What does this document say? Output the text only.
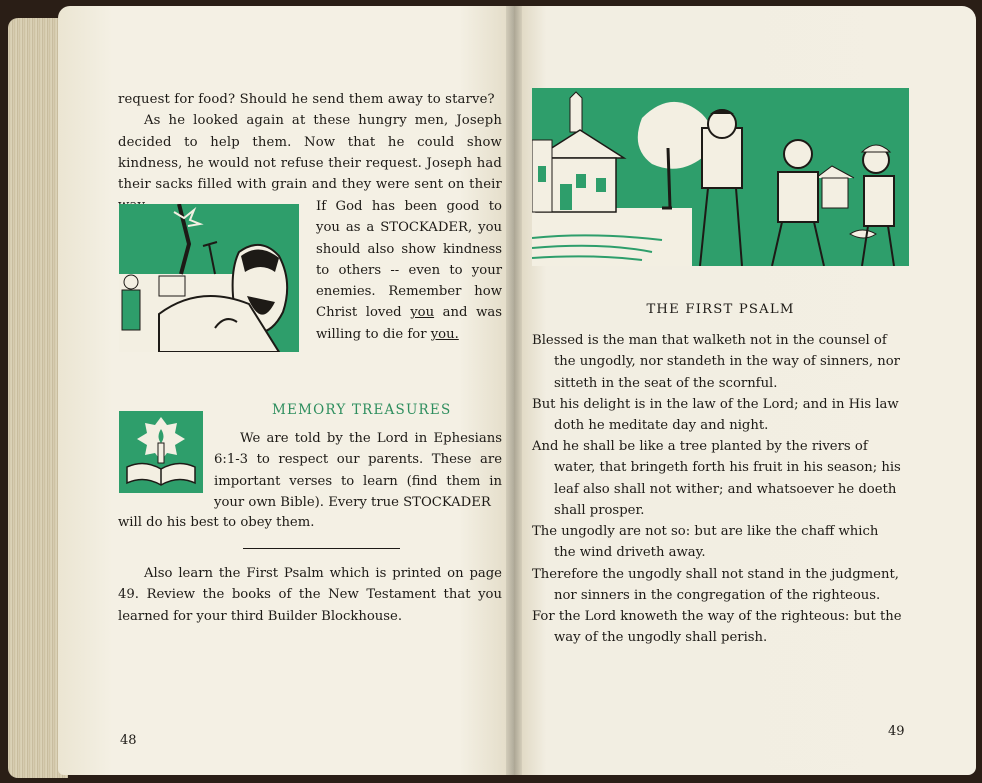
request for food? Should he send them away to starve?
As he looked again at these hungry men, Joseph decided to help them. Now that he could show kindness, he would not refuse their request. Joseph had their sacks filled with grain and they were sent on their
If God has been good to you as a STOCKADER, you should also show kindness to others -- even to your enemies. Remember how Christ loved you and was willing to die for you.
MEMORY TREASURES
We are told by the Lord in Ephesians 6:1-3 to respect our parents. These are important verses to learn (find them in your own Bible). Every true STOCKADER
will do his best to obey them.
Also learn the First Psalm which is printed on page 49. Review the books of the New Testament that you learned for your third Builder Blockhouse.
48
THE FIRST PSALM
Blessed is the man that walketh not in the counsel of
the ungodly, nor standeth in the way of sinners, nor sitteth in the seat of the scornful.
But his delight is in the law of the Lord; and in His law
doth he meditate day and night.
And he shall be like a tree planted by the rivers of
water, that bringeth forth his fruit in his season; his leaf also shall not wither; and whatsoever he doeth shall prosper.
The ungodly are not so: but are like the chaff which
the wind driveth away.
Therefore the ungodly shall not stand in the judgment,
nor sinners in the congregation of the righteous.
For the Lord knoweth the way of the righteous: but the
way of the ungodly shall perish.
49
